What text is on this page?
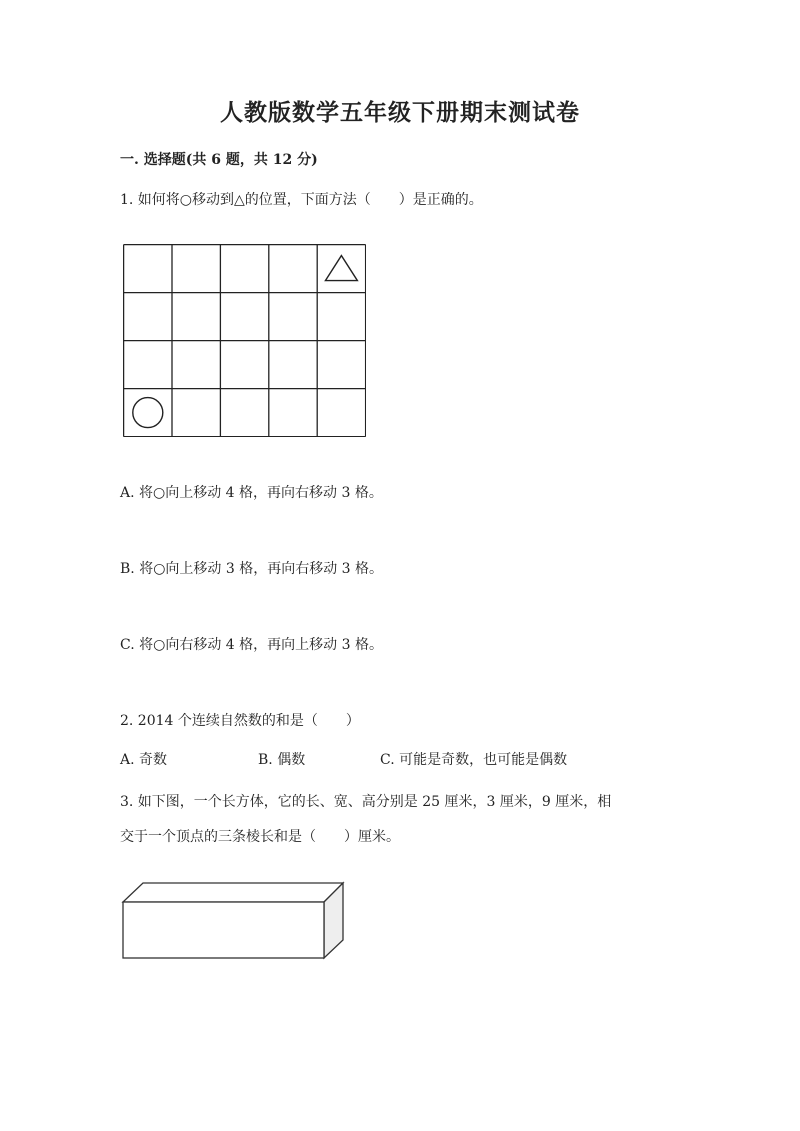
人教版数学五年级下册期末测试卷
一. 选择题(共 6 题，共 12 分)

1. 如何将○移动到△的位置，下面方法（　　）是正确的。

A. 将○向上移动 4 格，再向右移动 3 格。

B. 将○向上移动 3 格，再向右移动 3 格。

C. 将○向右移动 4 格，再向上移动 3 格。

2. 2014 个连续自然数的和是（　　）

A. 奇数	B. 偶数	C. 可能是奇数，也可能是偶数

3. 如下图，一个长方体，它的长、宽、高分别是 25 厘米，3 厘米，9 厘米，相

交于一个顶点的三条棱长和是（　　）厘米。
